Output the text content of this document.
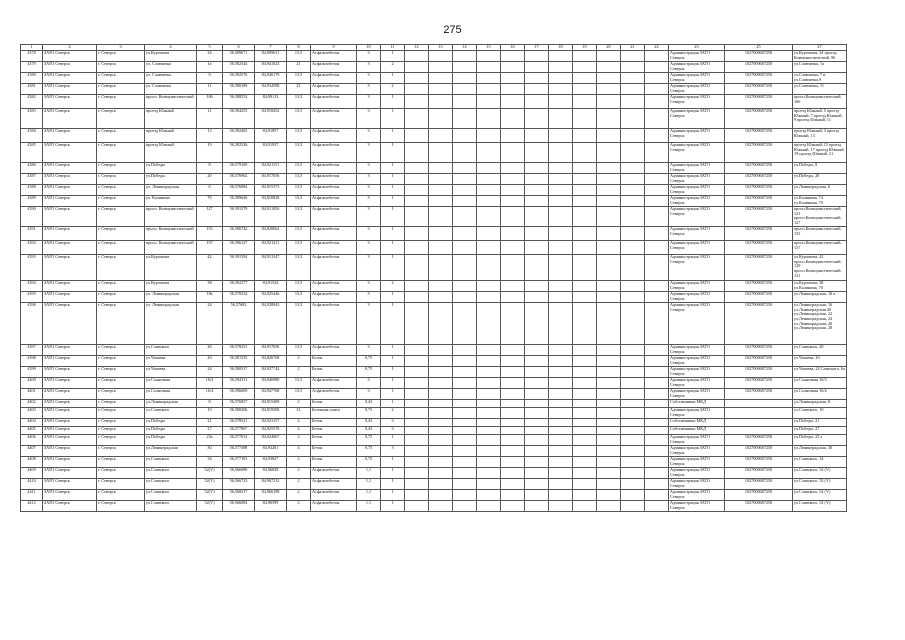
275
1	2	3	4	5	6	7	8	9	10	11	12	13	14	15	16	17	18	19	20	21	22	23	25	27
4378	ЗАТО Северск	г. Северск	ул.Курчатова	24	56,589671	84,909611	13,5	Асфальтобетон	3	1												Администрация ЗАТО Северск	1027000687250	ул.Курчатова, 24 проезд Коммунистический, 96
4379	ЗАТО Северск	г. Северск	ул. Славчичка	1а	56,582544	84,941023	21	Асфальтобетон	3	2												Администрация ЗАТО Северск	1027000687250	ул.Славчичка, 1а
4380	ЗАТО Северск	г. Северск	ул. Славчичка	9	56,582576	84,940179	13,5	Асфальтобетон	3	1												Администрация ЗАТО Северск	1027000687250	ул.Славчичка, 7 и ул.Славчичка,9
4381	ЗАТО Северск	г. Северск	ул. Славчичка	11	56,580189	84,934598	21	Асфальтобетон	3	2												Администрация ЗАТО Северск	1027000687250	ул.Славчичка, 11
4382	ЗАТО Северск	г. Северск	просп. Коммунистический	106	56,588552	84,89113	13,5	Асфальтобетон	3	1												Администрация ЗАТО Северск	1027000687250	просп.Коммунистический, 106
4383	ЗАТО Северск	г. Северск	проезд Южный	11	56,584255	84,918452	13,5	Асфальтобетон	3	1												Администрация ЗАТО Северск	1027000687250	проезд Южный, 5 проезд Южный, 7 проезд Южный, 9 проезд Южный, 11
4384	ЗАТО Северск	г. Северск	проезд Южный	13	56,582465	84,91857	13,5	Асфальтобетон	3	1												Администрация ЗАТО Северск	1027000687250	проезд Южный, 3 проезд Южный, 13
4385	ЗАТО Северск	г. Северск	проезд Южный	19	56,582526	84,91937	13,5	Асфальтобетон	3	1												Администрация ЗАТО Северск	1027000687250	проезд Южный, 15 проезд Южный, 17 проезд Южный, 19 проезд Южный, 21
4386	ЗАТО Северск	г. Северск	ул.Победы	8	56,579109	84,921151	13,5	Асфальтобетон	3	1												Администрация ЗАТО Северск	1027000687250	ул.Победы, 8
4387	ЗАТО Северск	г. Северск	ул.Победы	20	56,576962	84,917056	13,5	Асфальтобетон	3	1												Администрация ЗАТО Северск	1027000687250	ул.Победы, 20
4388	ЗАТО Северск	г. Северск	ул. Ленинградская	6	56,576084	84,915375	13,5	Асфальтобетон	3	1												Администрация ЗАТО Северск	1027000687250	ул.Ленинградская, 6
4389	ЗАТО Северск	г. Северск	ул. Калинина	70	56,589640	84,910828	13,5	Асфальтобетон	3	1												Администрация ЗАТО Северск	1027000687250	ул.Калинина, 74 ул.Калинина, 70
4390	ЗАТО Северск	г. Северск	просп. Коммунистический	127	56,591579	84,911056	13,5	Асфальтобетон	3	1												Администрация ЗАТО Северск	1027000687250	просп.Коммунистический, 123 просп.Коммунистический, 127
4391	ЗАТО Северск	г. Северск	просп. Коммунистический	153	56,586742	84,920062	13,5	Асфальтобетон	3	1												Администрация ЗАТО Северск	1027000687250	просп.Коммунистический, 153
4392	ЗАТО Северск	г. Северск	просп. Коммунистический	157	56,586127	84,921411	13,5	Асфальтобетон	3	1												Администрация ЗАТО Северск	1027000687250	просп.Коммунистический, 157
4393	ЗАТО Северск	г. Северск	ул.Курчатова	42	56,591594	84,913347	13,5	Асфальтобетон	3	1												Администрация ЗАТО Северск	1027000687250	ул.Курчатова, 42 просп.Коммунистический, 129 просп.Коммунистический, 131
4394	ЗАТО Северск	г. Северск	ул.Курчатова	38	56,592277	84,91544	13,5	Асфальтобетон	3	2												Администрация ЗАТО Северск	1027000687250	ул.Курчатова, 38 ул.Калинина, 70
4395	ЗАТО Северск	г. Северск	ул. Ленинградская	18а	56,578234	84,925446	13,5	Асфальтобетон	3	1												Администрация ЗАТО Северск	1027000687250	ул.Ленинградская, 18 а
4396	ЗАТО Северск	г. Северск	ул. Ленинградская	24	56,57682	84,928943	13,5	Асфальтобетон	3	1												Администрация ЗАТО Северск	1027000687250	ул.Ленинградская, 16 ул.Ленинградская 20 ул.Ленинградская, 22 ул.Ленинградская, 24 ул.Ленинградская, 26 ул.Ленинградская, 28
4397	ЗАТО Северск	г. Северск	ул.Славского	20	56,578251	84,917630	13,5	Асфальтобетон	3	1												Администрация ЗАТО Северск	1027000687250	ул.Славского, 20
4398	ЗАТО Северск	г. Северск	ул.Чапаева	20	56,581535	84,926768	2	Бетон	0,75	1												Администрация ЗАТО Северск	1027000687250	ул.Чапаева, 20
4399	ЗАТО Северск	г. Северск	ул.Чапаева	24	56,580537	84,927742	2	Бетон	0,75	1												Администрация ЗАТО Северск	1027000687250	ул.Чапаева, 24 Славского, 6а
4400	ЗАТО Северск	г. Северск	ул.Солнечная	16/3	56,594311	84,946980	13,5	Асфальтобетон	3	1												Администрация ЗАТО Северск	1027000687250	ул.Солнечная 16/3
4401	ЗАТО Северск	г. Северск	ул.Солнечная	16/4	56,596609	84,947768	13,5	Асфальтобетон	3	1												Администрация ЗАТО Северск	1027000687250	ул.Солнечная 16/4
4402	ЗАТО Северск	г. Северск	ул.Ленинградская	8	56,576857	84,915409	2	Бетон	0,43	1												Собственники МКД		ул.Ленинградская, 8
4403	ЗАТО Северск	г. Северск	ул.Славского	10	56,580206	84,919500	31	Бетонная плита	0,75	2												Администрация ЗАТО Северск		ул.Славского, 10
4404	ЗАТО Северск	г. Северск	ул.Победы	21	56,578521	84,923157	4	Бетон	0,43	3												Собственники МКД		ул.Победы, 21
4405	ЗАТО Северск	г. Северск	ул.Победы	27	56,577867	84,925578	4	Бетон	0,43	3												Собственники МКД		ул.Победы, 27
4406	ЗАТО Северск	г. Северск	ул.Победы	23а	56,577013	84,924067	2	Бетон	0,75	1												Администрация ЗАТО Северск	1027000687250	ул.Победы, 23 а
4407	ЗАТО Северск	г. Северск	ул.Ленинградская	30	56,577498	84,93201	4	Бетон	0,75	3												Администрация ЗАТО Северск	1027000687250	ул.Ленинградская, 30
4408	ЗАТО Северск	г. Северск	ул.Славского	34	56,577181	84,93827	2	Бетон	0,75	1												Администрация ЗАТО Северск	1027000687250	ул.Славского, 34
4409	ЗАТО Северск	г. Северск	ул.Славского	52(V)	56,566080	84,96828	2	Асфальтобетон	1,1	1												Администрация ЗАТО Северск	1027000687250	ул.Славского, 52 (V)
4410	ЗАТО Северск	г. Северск	ул.Славского	52(V)	56,566723	84,967232	2	Асфальтобетон	1,1	1												Администрация ЗАТО Северск	1027000687250	ул.Славского, 52 (V)
4411	ЗАТО Северск	г. Северск	ул.Славского	52(V)	56,568317	84,966198	2	Асфальтобетон	1,1	1												Администрация ЗАТО Северск	1027000687250	ул.Славского, 52 (V)
4412	ЗАТО Северск	г. Северск	ул.Славского	52(V)	56,566084	84,96599	2	Асфальтобетон	1,1	1												Администрация ЗАТО Северск	1027000687250	ул.Славского, 52 (V)
